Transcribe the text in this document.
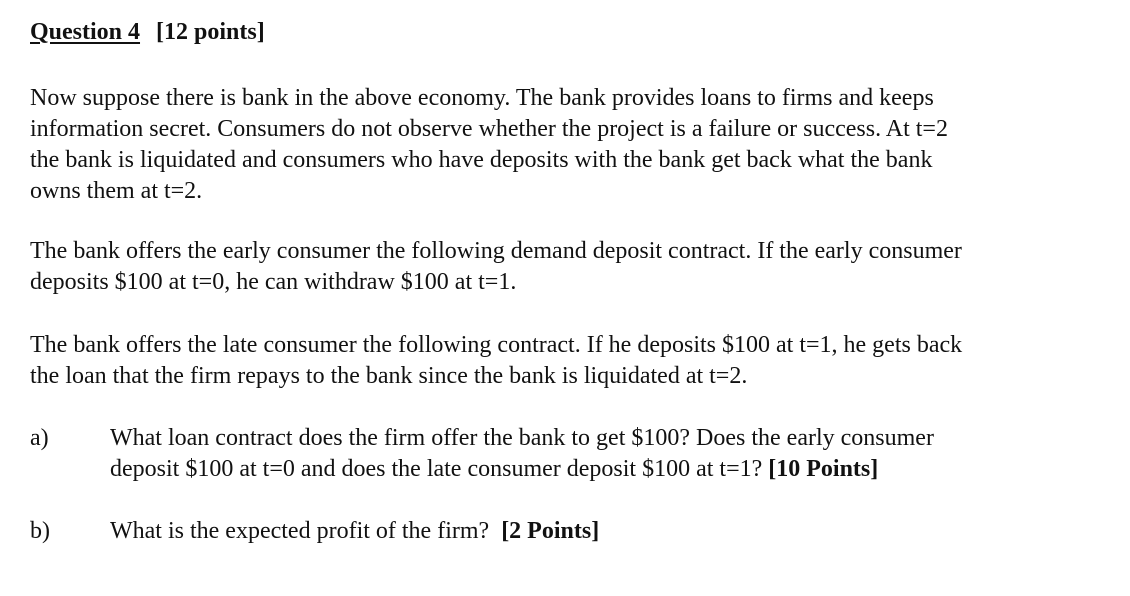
Question 4 [12 points]
Now suppose there is bank in the above economy. The bank provides loans to firms and keeps
information secret. Consumers do not observe whether the project is a failure or success. At t=2
the bank is liquidated and consumers who have deposits with the bank get back what the bank
owns them at t=2.
The bank offers the early consumer the following demand deposit contract. If the early consumer
deposits $100 at t=0, he can withdraw $100 at t=1.
The bank offers the late consumer the following contract. If he deposits $100 at t=1, he gets back
the loan that the firm repays to the bank since the bank is liquidated at t=2.
a)	What loan contract does the firm offer the bank to get $100? Does the early consumer
deposit $100 at t=0 and does the late consumer deposit $100 at t=1? [10 Points]
b)	What is the expected profit of the firm?  [2 Points]
